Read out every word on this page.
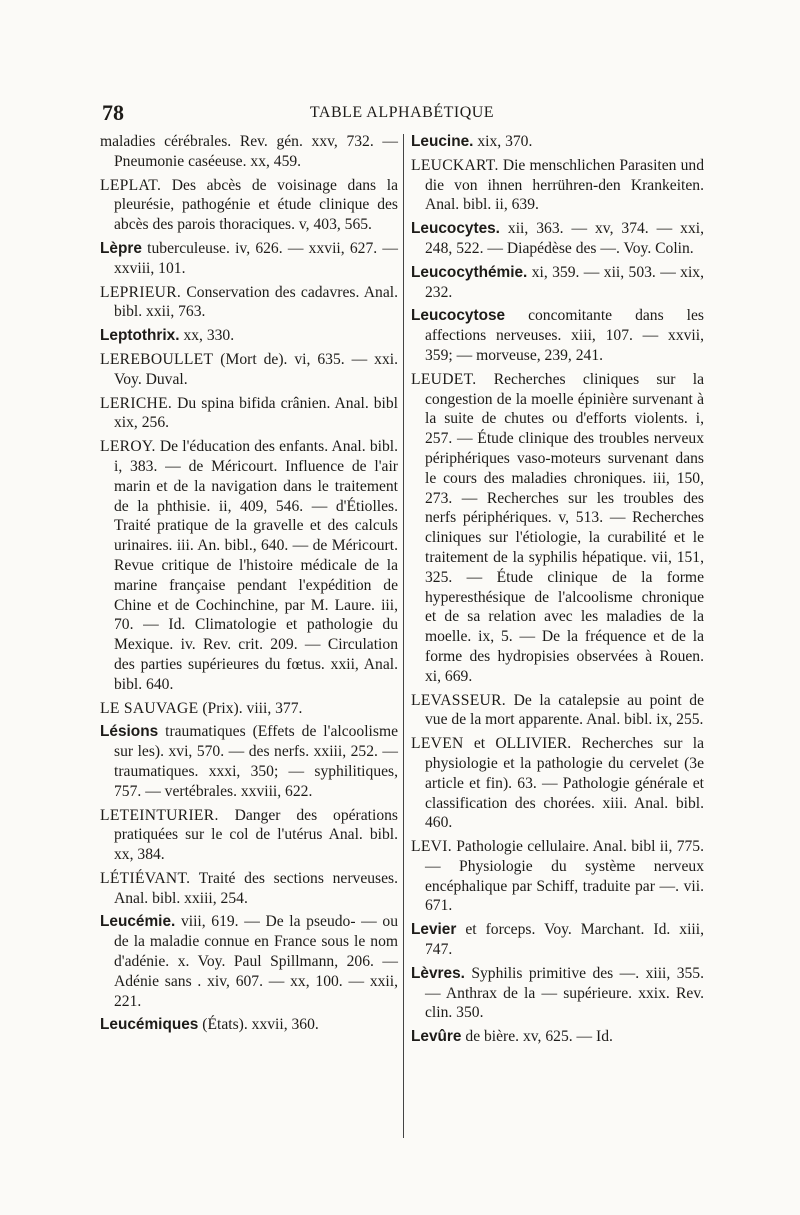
78	TABLE ALPHABÉTIQUE

maladies cérébrales. Rev. gén. xxv, 732. — Pneumonie caséeuse. xx, 459.

LEPLAT. Des abcès de voisinage dans la pleurésie, pathogénie et étude clinique des abcès des parois thoraciques. v, 403, 565.

Lèpre tuberculeuse. iv, 626. — xxvii, 627. — xxviii, 101.

LEPRIEUR. Conservation des cadavres. Anal. bibl. xxii, 763.

Leptothrix. xx, 330.

LEREBOULLET (Mort de). vi, 635. — xxi. Voy. Duval.

LERICHE. Du spina bifida crânien. Anal. bibl xix, 256.

LEROY. De l'éducation des enfants. Anal. bibl. i, 383. — de Méricourt. Influence de l'air marin et de la navigation dans le traitement de la phthisie. ii, 409, 546. — d'Étiolles. Traité pratique de la gravelle et des calculs urinaires. iii. An. bibl., 640. — de Méricourt. Revue critique de l'histoire médicale de la marine française pendant l'expédition de Chine et de Cochinchine, par M. Laure. iii, 70. — Id. Climatologie et pathologie du Mexique. iv. Rev. crit. 209. — Circulation des parties supérieures du fœtus. xxii, Anal. bibl. 640.

LE SAUVAGE (Prix). viii, 377.

Lésions traumatiques (Effets de l'alcoolisme sur les). xvi, 570. — des nerfs. xxiii, 252. — traumatiques. xxxi, 350; — syphilitiques, 757. — vertébrales. xxviii, 622.

LETEINTURIER. Danger des opérations pratiquées sur le col de l'utérus Anal. bibl. xx, 384.

LÉTIÉVANT. Traité des sections nerveuses. Anal. bibl. xxiii, 254.

Leucémie. viii, 619. — De la pseudo- — ou de la maladie connue en France sous le nom d'adénie. x. Voy. Paul Spillmann, 206. — Adénie sans . xiv, 607. — xx, 100. — xxii, 221.

Leucémiques (États). xxvii, 360.

Leucine. xix, 370.

LEUCKART. Die menschlichen Parasiten und die von ihnen herrühren-den Krankeiten. Anal. bibl. ii, 639.

Leucocytes. xii, 363. — xv, 374. — xxi, 248, 522. — Diapédèse des —. Voy. Colin.

Leucocythémie. xi, 359. — xii, 503. — xix, 232.

Leucocytose concomitante dans les affections nerveuses. xiii, 107. — xxvii, 359; — morveuse, 239, 241.

LEUDET. Recherches cliniques sur la congestion de la moelle épinière survenant à la suite de chutes ou d'efforts violents. i, 257. — Étude clinique des troubles nerveux périphériques vaso-moteurs survenant dans le cours des maladies chroniques. iii, 150, 273. — Recherches sur les troubles des nerfs périphériques. v, 513. — Recherches cliniques sur l'étiologie, la curabilité et le traitement de la syphilis hépatique. vii, 151, 325. — Étude clinique de la forme hyperesthésique de l'alcoolisme chronique et de sa relation avec les maladies de la moelle. ix, 5. — De la fréquence et de la forme des hydropisies observées à Rouen. xi, 669.

LEVASSEUR. De la catalepsie au point de vue de la mort apparente. Anal. bibl. ix, 255.

LEVEN et OLLIVIER. Recherches sur la physiologie et la pathologie du cervelet (3e article et fin). 63. — Pathologie générale et classification des chorées. xiii. Anal. bibl. 460.

LEVI. Pathologie cellulaire. Anal. bibl ii, 775. — Physiologie du système nerveux encéphalique par Schiff, traduite par —. vii. 671.

Levier et forceps. Voy. Marchant. Id. xiii, 747.

Lèvres. Syphilis primitive des —. xiii, 355. — Anthrax de la — supérieure. xxix. Rev. clin. 350.

Levûre de bière. xv, 625. — Id.
